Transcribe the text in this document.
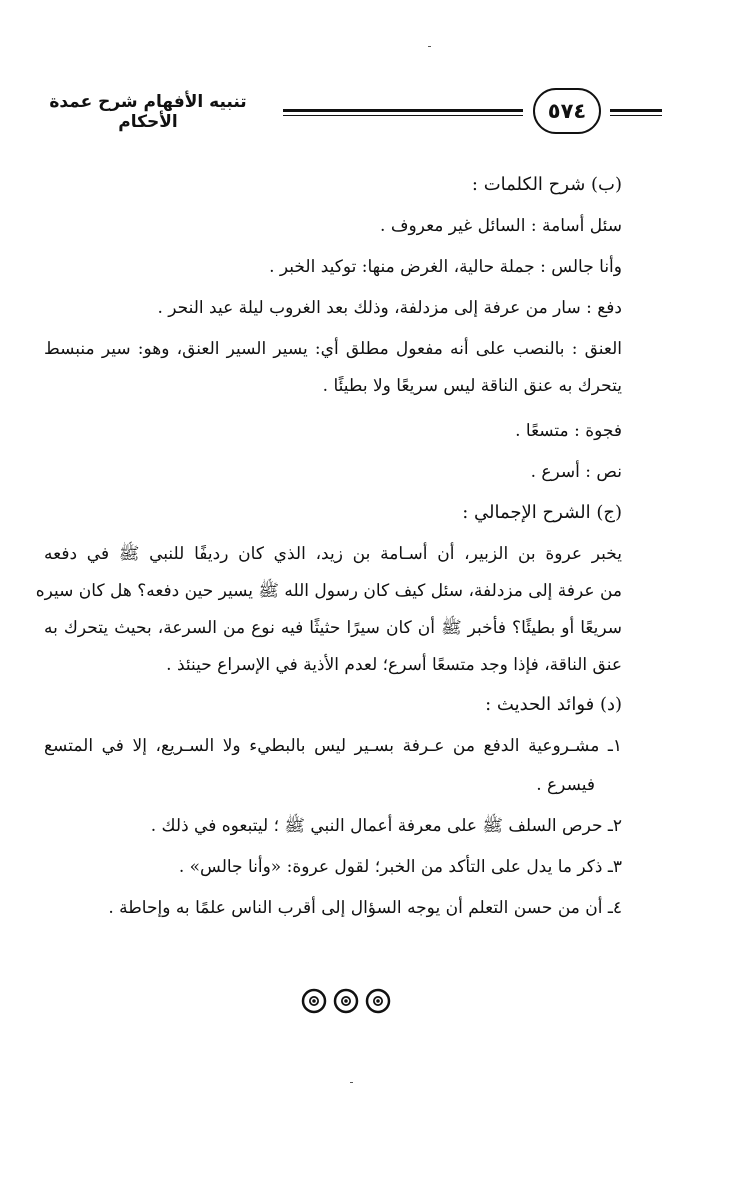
تنبيه الأفهام شرح عمدة الأحكام	٥٧٤
(ب) شرح الكلمات :
سئل أسامة : السائل غير معروف .
وأنا جالس : جملة حالية، الغرض منها: توكيد الخبر .
دفع : سار من عرفة إلى مزدلفة، وذلك بعد الغروب ليلة عيد النحر .
العنق : بالنصب على أنه مفعول مطلق أي: يسير السير العنق، وهو: سير منبسط
يتحرك به عنق الناقة ليس سريعًا ولا بطيئًا .
فجوة : متسعًا .
نص : أسرع .
(ج) الشرح الإجمالي :
يخبر عروة بن الزبير، أن أسـامة بن زيد، الذي كان رديفًا للنبي ﷺ في دفعه
من عرفة إلى مزدلفة، سئل كيف كان رسول الله ﷺ يسير حين دفعه؟ هل كان سيره
سريعًا أو بطيئًا؟ فأخبر ﷺ أن كان سيرًا حثيثًا فيه نوع من السرعة، بحيث يتحرك به
عنق الناقة، فإذا وجد متسعًا أسرع؛ لعدم الأذية في الإسراع حينئذ .
(د) فوائد الحديث :
١ـ مشـروعية الدفع من عـرفة بسـير ليس بالبطيء ولا السـريع، إلا في المتسع
فيسرع .
٢ـ حرص السلف ﷺ على معرفة أعمال النبي ﷺ ؛ ليتبعوه في ذلك .
٣ـ ذكر ما يدل على التأكد من الخبر؛ لقول عروة: «وأنا جالس» .
٤ـ أن من حسن التعلم أن يوجه السؤال إلى أقرب الناس علمًا به وإحاطة .
